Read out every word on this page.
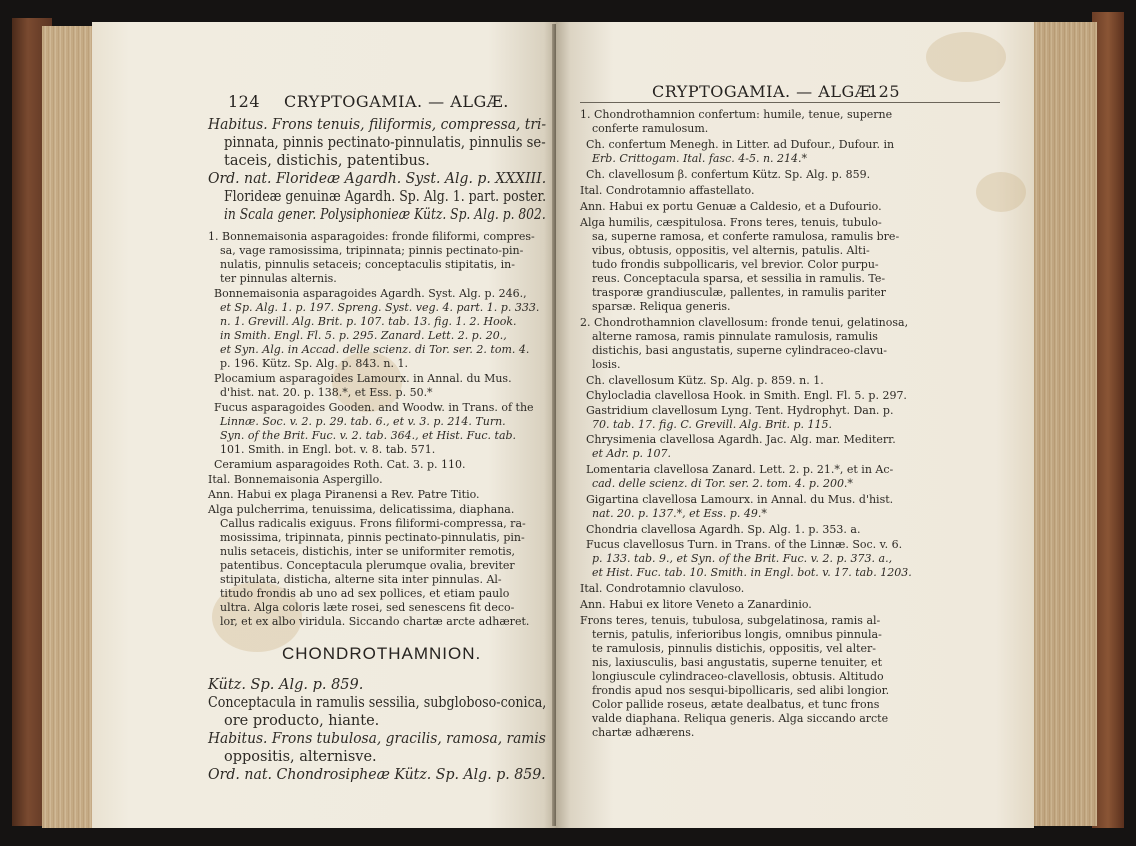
124 CRYPTOGAMIA. — ALGÆ.
Habitus. Frons tenuis, filiformis, compressa, tri-
pinnata, pinnis pectinato-pinnulatis, pinnulis se-
taceis, distichis, patentibus.
Ord. nat. Florideæ Agardh. Syst. Alg. p. XXXIII.
Florideæ genuinæ Agardh. Sp. Alg. 1. part. poster.
in Scala gener. Polysiphonieæ Kütz. Sp. Alg. p. 802.
1. Bonnemaisonia asparagoides: fronde filiformi, compres-
sa, vage ramosissima, tripinnata; pinnis pectinato-pin-
nulatis, pinnulis setaceis; conceptaculis stipitatis, in-
ter pinnulas alternis.
Bonnemaisonia asparagoides Agardh. Syst. Alg. p. 246.,
et Sp. Alg. 1. p. 197. Spreng. Syst. veg. 4. part. 1. p. 333.
n. 1. Grevill. Alg. Brit. p. 107. tab. 13. fig. 1. 2. Hook.
in Smith. Engl. Fl. 5. p. 295. Zanard. Lett. 2. p. 20.,
et Syn. Alg. in Accad. delle scienz. di Tor. ser. 2. tom. 4.
p. 196. Kütz. Sp. Alg. p. 843. n. 1.
Plocamium asparagoides Lamourx. in Annal. du Mus.
d'hist. nat. 20. p. 138.*, et Ess. p. 50.*
Fucus asparagoides Gooden. and Woodw. in Trans. of the
Linnæ. Soc. v. 2. p. 29. tab. 6., et v. 3. p. 214. Turn.
Syn. of the Brit. Fuc. v. 2. tab. 364., et Hist. Fuc. tab.
101. Smith. in Engl. bot. v. 8. tab. 571.
Ceramium asparagoides Roth. Cat. 3. p. 110.
Ital. Bonnemaisonia Aspergillo.
Ann. Habui ex plaga Piranensi a Rev. Patre Titio.
Alga pulcherrima, tenuissima, delicatissima, diaphana.
Callus radicalis exiguus. Frons filiformi-compressa, ra-
mosissima, tripinnata, pinnis pectinato-pinnulatis, pin-
nulis setaceis, distichis, inter se uniformiter remotis,
patentibus. Conceptacula plerumque ovalia, breviter
stipitulata, disticha, alterne sita inter pinnulas. Al-
titudo frondis ab uno ad sex pollices, et etiam paulo
ultra. Alga coloris læte rosei, sed senescens fit deco-
lor, et ex albo viridula. Siccando chartæ arcte adhæret.
CHONDROTHAMNION.
Kütz. Sp. Alg. p. 859.
Conceptacula in ramulis sessilia, subgloboso-conica,
ore producto, hiante.
Habitus. Frons tubulosa, gracilis, ramosa, ramis
oppositis, alternisve.
Ord. nat. Chondrosipheæ Kütz. Sp. Alg. p. 859.
CRYPTOGAMIA. — ALGÆ.
125
1. Chondrothamnion confertum: humile, tenue, superne
conferte ramulosum.
Ch. confertum Menegh. in Litter. ad Dufour., Dufour. in
Erb. Crittogam. Ital. fasc. 4-5. n. 214.*
Ch. clavellosum β. confertum Kütz. Sp. Alg. p. 859.
Ital. Condrotamnio affastellato.
Ann. Habui ex portu Genuæ a Caldesio, et a Dufourio.
Alga humilis, cæspitulosa. Frons teres, tenuis, tubulo-
sa, superne ramosa, et conferte ramulosa, ramulis bre-
vibus, obtusis, oppositis, vel alternis, patulis. Alti-
tudo frondis subpollicaris, vel brevior. Color purpu-
reus. Conceptacula sparsa, et sessilia in ramulis. Te-
trasporæ grandiusculæ, pallentes, in ramulis pariter
sparsæ. Reliqua generis.
2. Chondrothamnion clavellosum: fronde tenui, gelatinosa,
alterne ramosa, ramis pinnulate ramulosis, ramulis
distichis, basi angustatis, superne cylindraceo-clavu-
losis.
Ch. clavellosum Kütz. Sp. Alg. p. 859. n. 1.
Chylocladia clavellosa Hook. in Smith. Engl. Fl. 5. p. 297.
Gastridium clavellosum Lyng. Tent. Hydrophyt. Dan. p.
70. tab. 17. fig. C. Grevill. Alg. Brit. p. 115.
Chrysimenia clavellosa Agardh. Jac. Alg. mar. Mediterr.
et Adr. p. 107.
Lomentaria clavellosa Zanard. Lett. 2. p. 21.*, et in Ac-
cad. delle scienz. di Tor. ser. 2. tom. 4. p. 200.*
Gigartina clavellosa Lamourx. in Annal. du Mus. d'hist.
nat. 20. p. 137.*, et Ess. p. 49.*
Chondria clavellosa Agardh. Sp. Alg. 1. p. 353. a.
Fucus clavellosus Turn. in Trans. of the Linnæ. Soc. v. 6.
p. 133. tab. 9., et Syn. of the Brit. Fuc. v. 2. p. 373. a.,
et Hist. Fuc. tab. 10. Smith. in Engl. bot. v. 17. tab. 1203.
Ital. Condrotamnio clavuloso.
Ann. Habui ex litore Veneto a Zanardinio.
Frons teres, tenuis, tubulosa, subgelatinosa, ramis al-
ternis, patulis, inferioribus longis, omnibus pinnula-
te ramulosis, pinnulis distichis, oppositis, vel alter-
nis, laxiusculis, basi angustatis, superne tenuiter, et
longiuscule cylindraceo-clavellosis, obtusis. Altitudo
frondis apud nos sesqui-bipollicaris, sed alibi longior.
Color pallide roseus, ætate dealbatus, et tunc frons
valde diaphana. Reliqua generis. Alga siccando arcte
chartæ adhærens.
